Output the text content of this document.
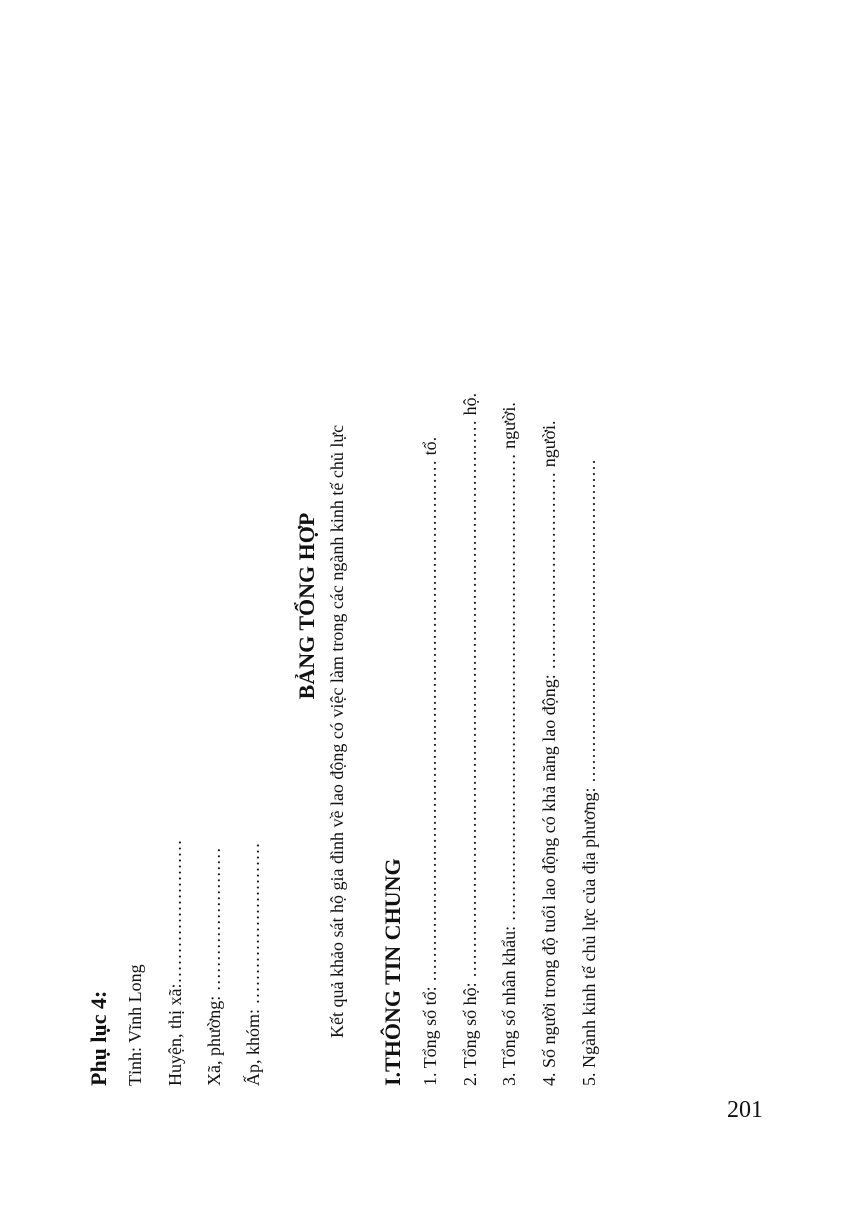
Phụ lục 4: Tỉnh: Vĩnh Long Huyện, thị xã:…………………… Xã, phường: …………………… Ấp, khóm: ………………………
BẢNG TỔNG HỢP Kết quả khảo sát hộ gia đình về lao động có việc làm trong các ngành kinh tế chủ lực I.THÔNG TIN CHUNG 1. Tổng số tổ: …………………………………………………………………………… tổ. 2. Tổng số hộ: ………………………………………………………………………………… hộ. 3. Tổng số nhân khẩu: …………………………………………………………………… người. 4. Số người trong độ tuổi lao động có khả năng lao động: …………………………… người. 5. Ngành kinh tế chủ lực của địa phương: ………………………………………………
201
